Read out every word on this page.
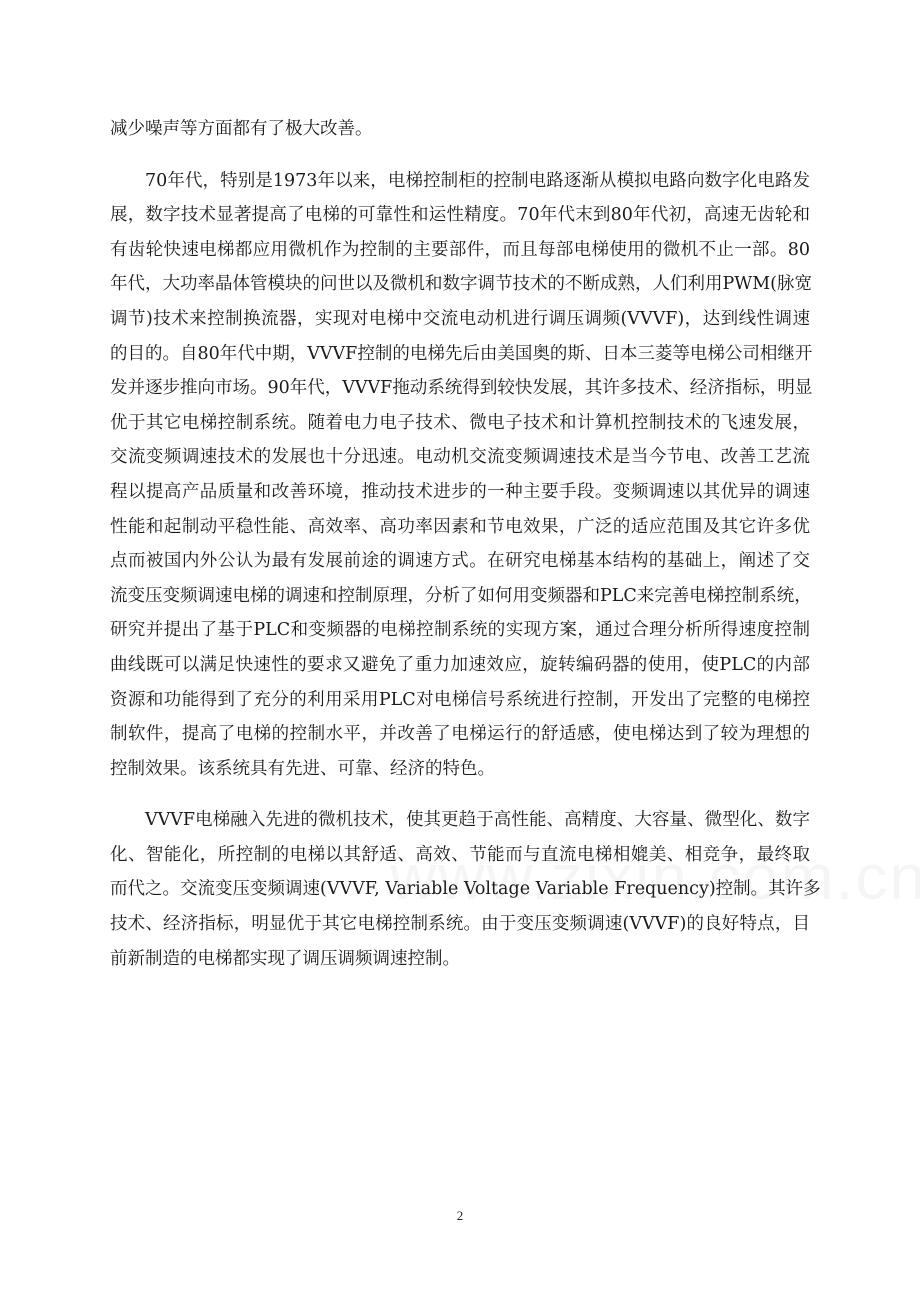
减少噪声等方面都有了极大改善。
70年代，特别是1973年以来，电梯控制柜的控制电路逐渐从模拟电路向数字化电路发
展，数字技术显著提高了电梯的可靠性和运性精度。70年代末到80年代初，高速无齿轮和
有齿轮快速电梯都应用微机作为控制的主要部件，而且每部电梯使用的微机不止一部。80
年代，大功率晶体管模块的问世以及微机和数字调节技术的不断成熟，人们利用PWM(脉宽
调节)技术来控制换流器，实现对电梯中交流电动机进行调压调频(VVVF)，达到线性调速
的目的。自80年代中期，VVVF控制的电梯先后由美国奥的斯、日本三菱等电梯公司相继开
发并逐步推向市场。90年代，VVVF拖动系统得到较快发展，其许多技术、经济指标，明显
优于其它电梯控制系统。随着电力电子技术、微电子技术和计算机控制技术的飞速发展，
交流变频调速技术的发展也十分迅速。电动机交流变频调速技术是当今节电、改善工艺流
程以提高产品质量和改善环境，推动技术进步的一种主要手段。变频调速以其优异的调速
性能和起制动平稳性能、高效率、高功率因素和节电效果，广泛的适应范围及其它许多优
点而被国内外公认为最有发展前途的调速方式。在研究电梯基本结构的基础上，阐述了交
流变压变频调速电梯的调速和控制原理，分析了如何用变频器和PLC来完善电梯控制系统，
研究并提出了基于PLC和变频器的电梯控制系统的实现方案，通过合理分析所得速度控制
曲线既可以满足快速性的要求又避免了重力加速效应，旋转编码器的使用，使PLC的内部
资源和功能得到了充分的利用采用PLC对电梯信号系统进行控制，开发出了完整的电梯控
制软件，提高了电梯的控制水平，并改善了电梯运行的舒适感，使电梯达到了较为理想的
控制效果。该系统具有先进、可靠、经济的特色。
VVVF电梯融入先进的微机技术，使其更趋于高性能、高精度、大容量、微型化、数字
化、智能化，所控制的电梯以其舒适、高效、节能而与直流电梯相媲美、相竞争，最终取
而代之。交流变压变频调速(VVVF, Variable Voltage Variable Frequency)控制。其许多
技术、经济指标，明显优于其它电梯控制系统。由于变压变频调速(VVVF)的良好特点，目
前新制造的电梯都实现了调压调频调速控制。
2
